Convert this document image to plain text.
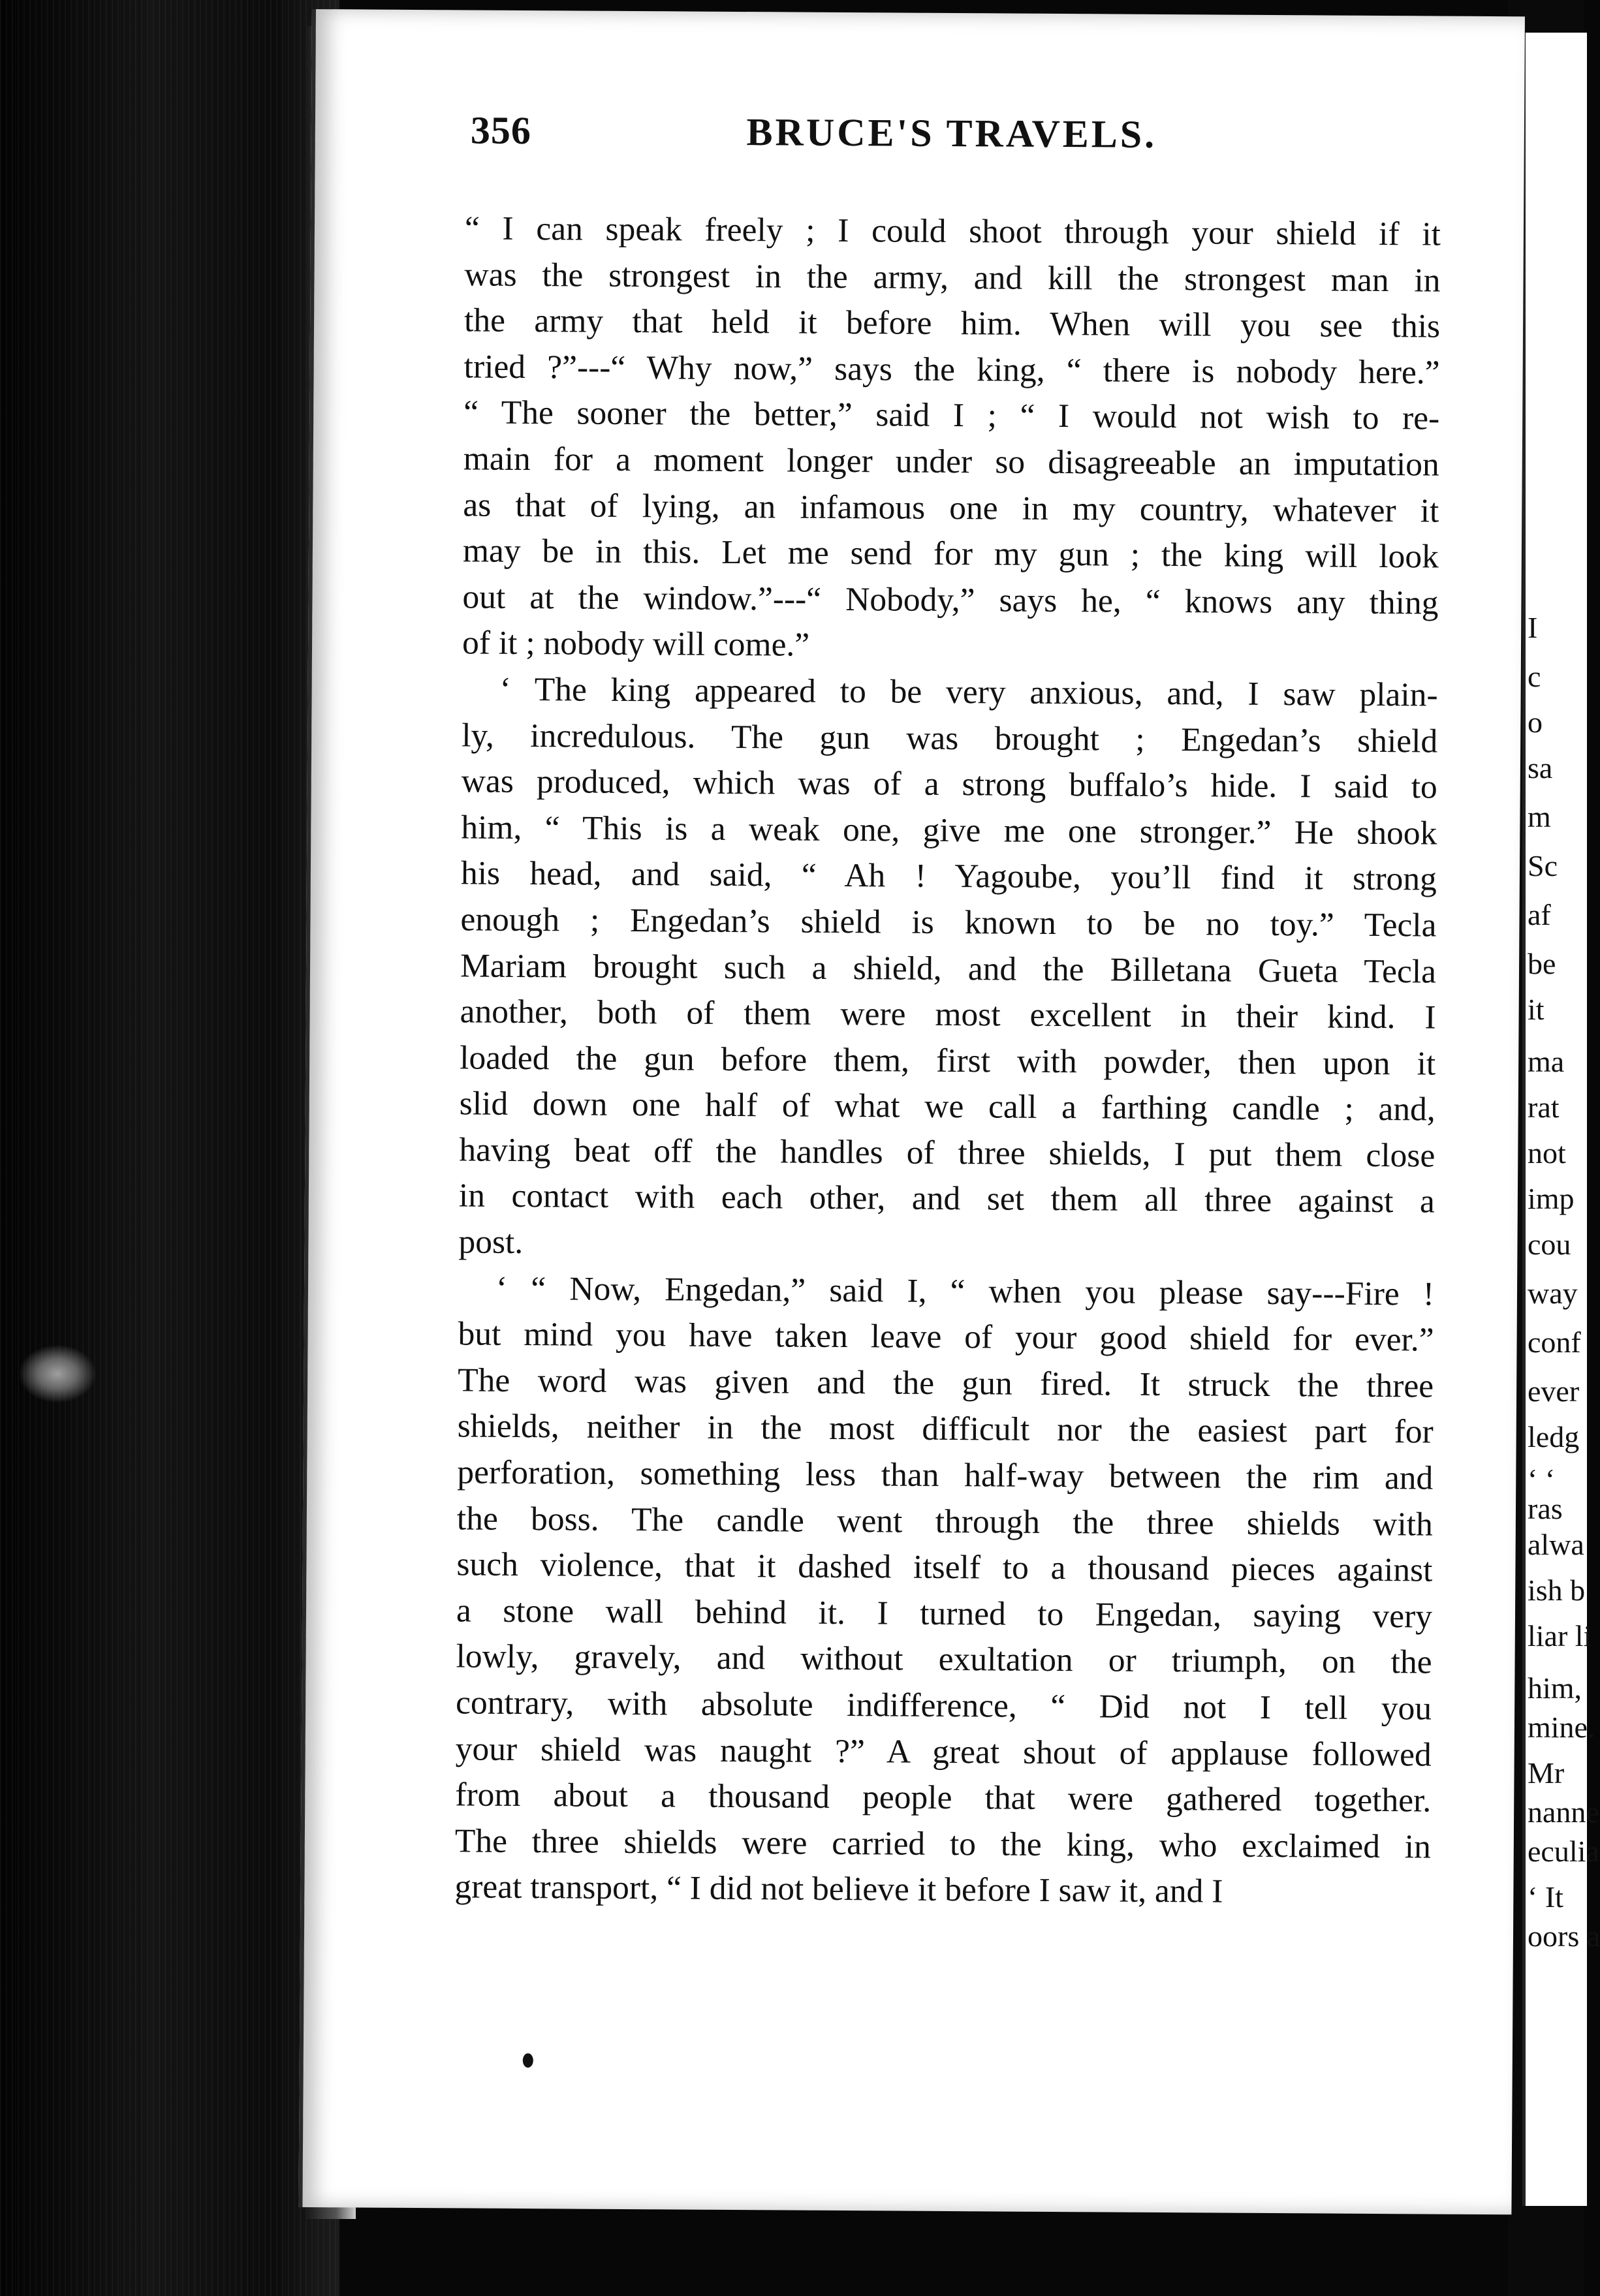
I
c
o
sa
m
Sc
af
be
it
ma
rat
not
imp
cou
way
conf
ever
ledg
‘ ‘
ras
alwa
ish b
liar li
him,
mine.
Mr
nanne
eculia
‘ It
oors a
BRUCE'S TRAVELS.
356
“ I can speak freely ; I could shoot through your shield if it
was the strongest in the army, and kill the strongest man in
the army that held it before him. When will you see this
tried ?”---“ Why now,” says the king, “ there is nobody here.”
“ The sooner the better,” said I ; “ I would not wish to re-
main for a moment longer under so disagreeable an imputation
as that of lying, an infamous one in my country, whatever it
may be in this. Let me send for my gun ; the king will look
out at the window.”---“ Nobody,” says he, “ knows any thing
of it ; nobody will come.”
‘ The king appeared to be very anxious, and, I saw plain-
ly, incredulous. The gun was brought ; Engedan’s shield
was produced, which was of a strong buffalo’s hide. I said to
him, “ This is a weak one, give me one stronger.” He shook
his head, and said, “ Ah ! Yagoube, you’ll find it strong
enough ; Engedan’s shield is known to be no toy.” Tecla
Mariam brought such a shield, and the Billetana Gueta Tecla
another, both of them were most excellent in their kind. I
loaded the gun before them, first with powder, then upon it
slid down one half of what we call a farthing candle ; and,
having beat off the handles of three shields, I put them close
in contact with each other, and set them all three against a
post.
‘ “ Now, Engedan,” said I, “ when you please say---Fire !
but mind you have taken leave of your good shield for ever.”
The word was given and the gun fired. It struck the three
shields, neither in the most difficult nor the easiest part for
perforation, something less than half-way between the rim and
the boss. The candle went through the three shields with
such violence, that it dashed itself to a thousand pieces against
a stone wall behind it. I turned to Engedan, saying very
lowly, gravely, and without exultation or triumph, on the
contrary, with absolute indifference, “ Did not I tell you
your shield was naught ?” A great shout of applause followed
from about a thousand people that were gathered together.
The three shields were carried to the king, who exclaimed in
great transport, “ I did not believe it before I saw it, and I
